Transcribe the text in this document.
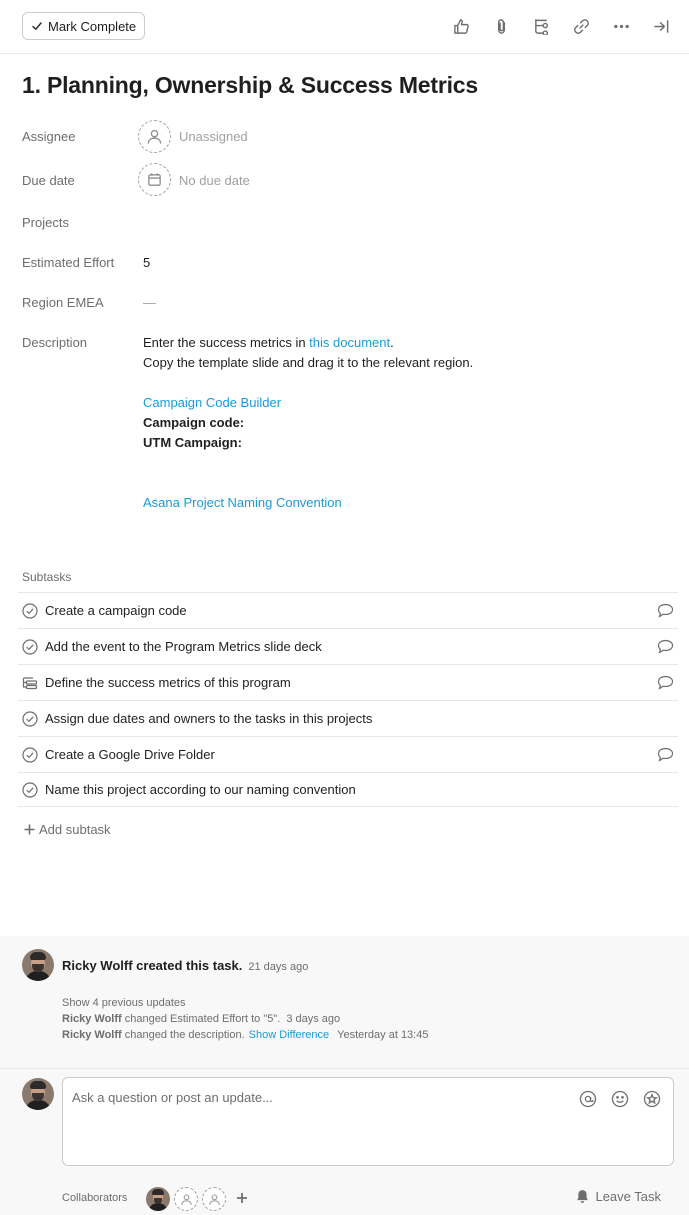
Mark Complete
1. Planning, Ownership & Success Metrics
Assignee	Unassigned
Due date	No due date
Projects
Estimated Effort 5
Region EMEA	—
Description	Enter the success metrics in this document.
Copy the template slide and drag it to the relevant region.
Campaign Code Builder
Campaign code:
UTM Campaign:
Asana Project Naming Convention
Subtasks
Create a campaign code
Add the event to the Program Metrics slide deck
Define the success metrics of this program
Assign due dates and owners to the tasks in this projects
Create a Google Drive Folder
Name this project according to our naming convention
Add subtask
Ricky Wolff created this task. 21 days ago
Show 4 previous updates
Ricky Wolff changed Estimated Effort to "5". 3 days ago
Ricky Wolff changed the description. Show Difference Yesterday at 13:45
Ask a question or post an update...
Collaborators	Leave Task
